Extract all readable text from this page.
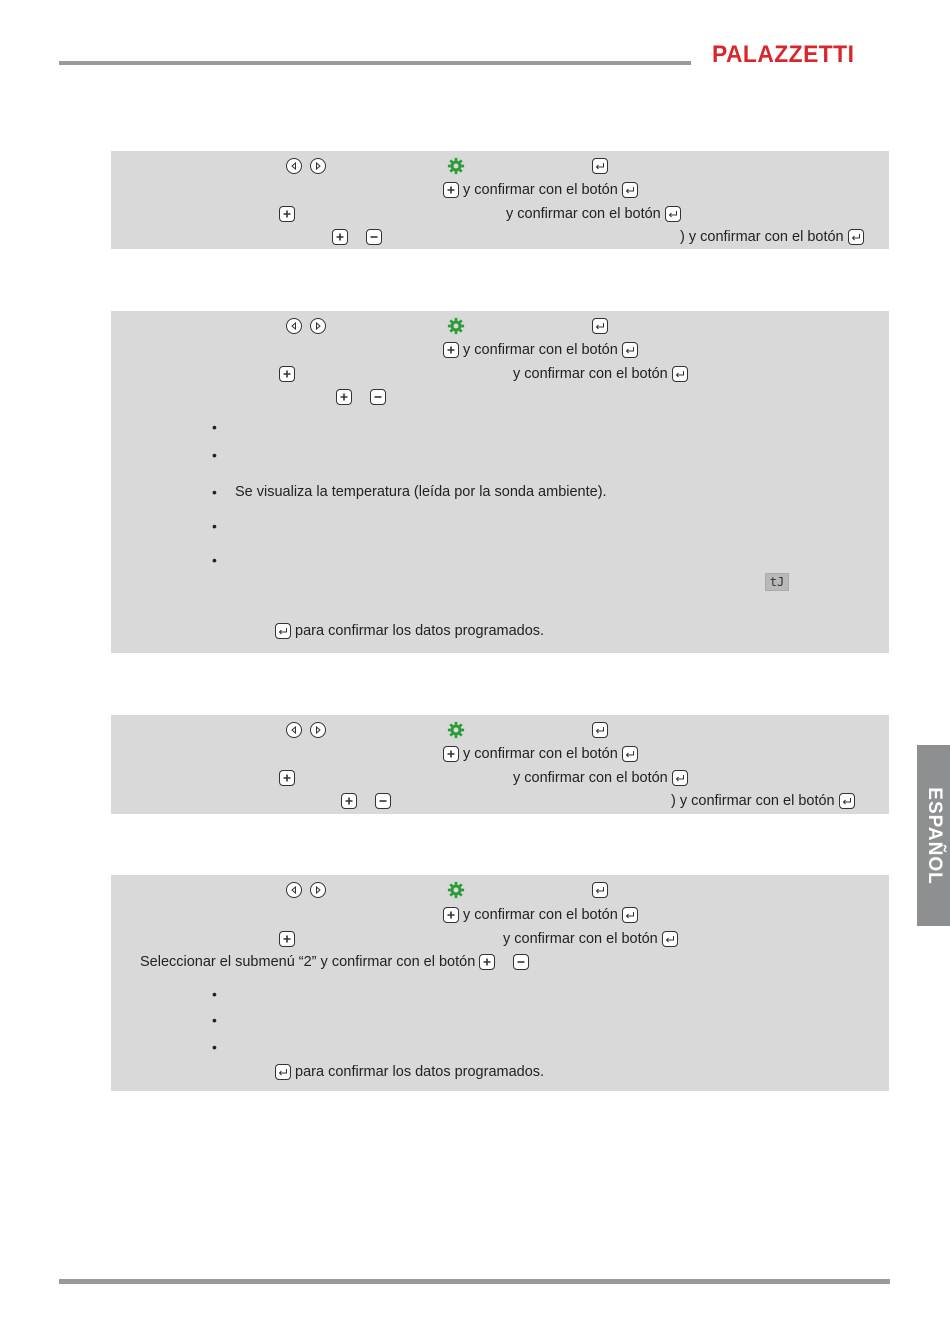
PALAZZETTI
ESPAÑOL

y confirmar con el botón
y confirmar con el botón

) y confirmar con el botón

y confirmar con el botón
y confirmar con el botón

•
•
• Se visualiza la temperatura (leída por la sonda ambiente).
•
•
tJ
para confirmar los datos programados.

y confirmar con el botón
y confirmar con el botón

) y confirmar con el botón

y confirmar con el botón
y confirmar con el botón
Seleccionar el submenú “2” y confirmar con el botón

•
•
•
para confirmar los datos programados.
